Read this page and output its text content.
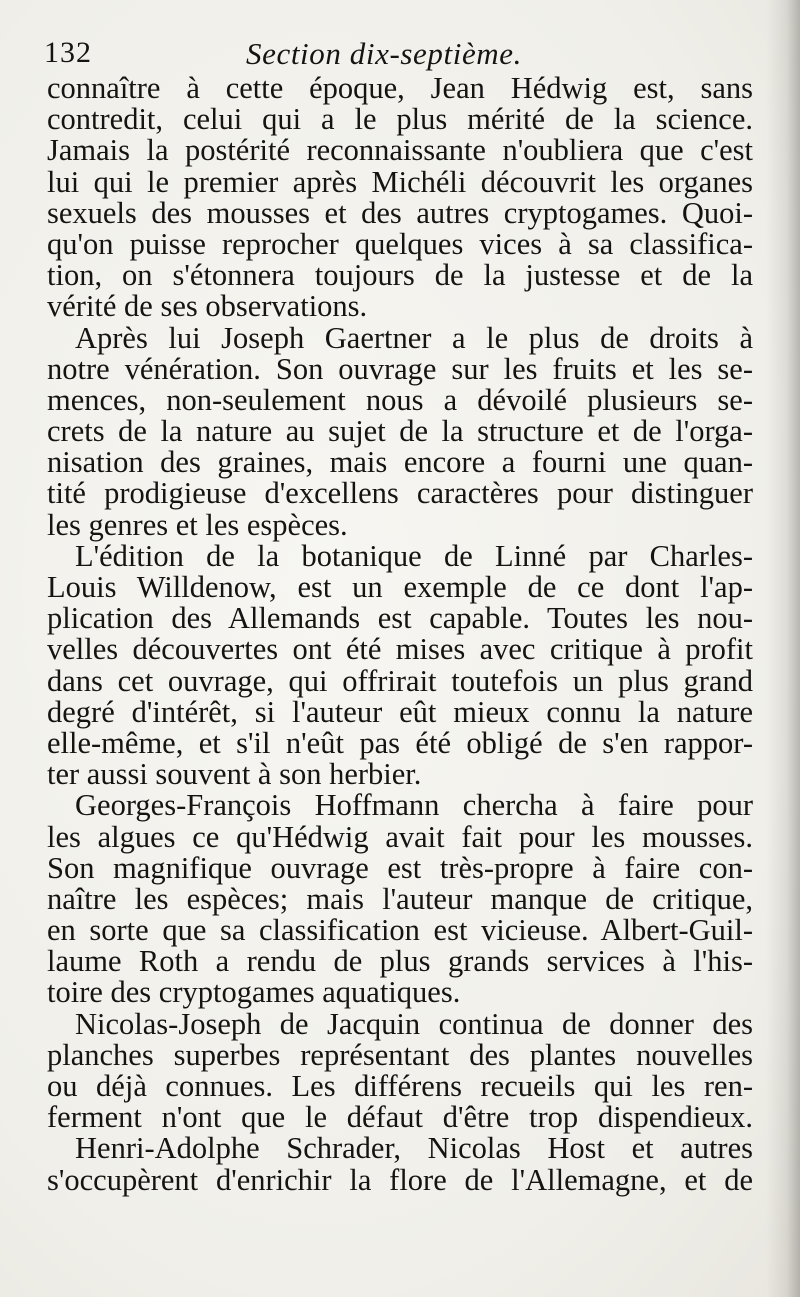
132	Section dix-septième.
connaître à cette époque, Jean Hédwig est, sans
contredit, celui qui a le plus mérité de la science.
Jamais la postérité reconnaissante n'oubliera que c'est
lui qui le premier après Michéli découvrit les organes
sexuels des mousses et des autres cryptogames. Quoi-
qu'on puisse reprocher quelques vices à sa classifica-
tion, on s'étonnera toujours de la justesse et de la
vérité de ses observations.
Après lui Joseph Gaertner a le plus de droits à
notre vénération. Son ouvrage sur les fruits et les se-
mences, non-seulement nous a dévoilé plusieurs se-
crets de la nature au sujet de la structure et de l'orga-
nisation des graines, mais encore a fourni une quan-
tité prodigieuse d'excellens caractères pour distinguer
les genres et les espèces.
L'édition de la botanique de Linné par Charles-
Louis Willdenow, est un exemple de ce dont l'ap-
plication des Allemands est capable. Toutes les nou-
velles découvertes ont été mises avec critique à profit
dans cet ouvrage, qui offrirait toutefois un plus grand
degré d'intérêt, si l'auteur eût mieux connu la nature
elle-même, et s'il n'eût pas été obligé de s'en rappor-
ter aussi souvent à son herbier.
Georges-François Hoffmann chercha à faire pour
les algues ce qu'Hédwig avait fait pour les mousses.
Son magnifique ouvrage est très-propre à faire con-
naître les espèces; mais l'auteur manque de critique,
en sorte que sa classification est vicieuse. Albert-Guil-
laume Roth a rendu de plus grands services à l'his-
toire des cryptogames aquatiques.
Nicolas-Joseph de Jacquin continua de donner des
planches superbes représentant des plantes nouvelles
ou déjà connues. Les différens recueils qui les ren-
ferment n'ont que le défaut d'être trop dispendieux.
Henri-Adolphe Schrader, Nicolas Host et autres
s'occupèrent d'enrichir la flore de l'Allemagne, et de
